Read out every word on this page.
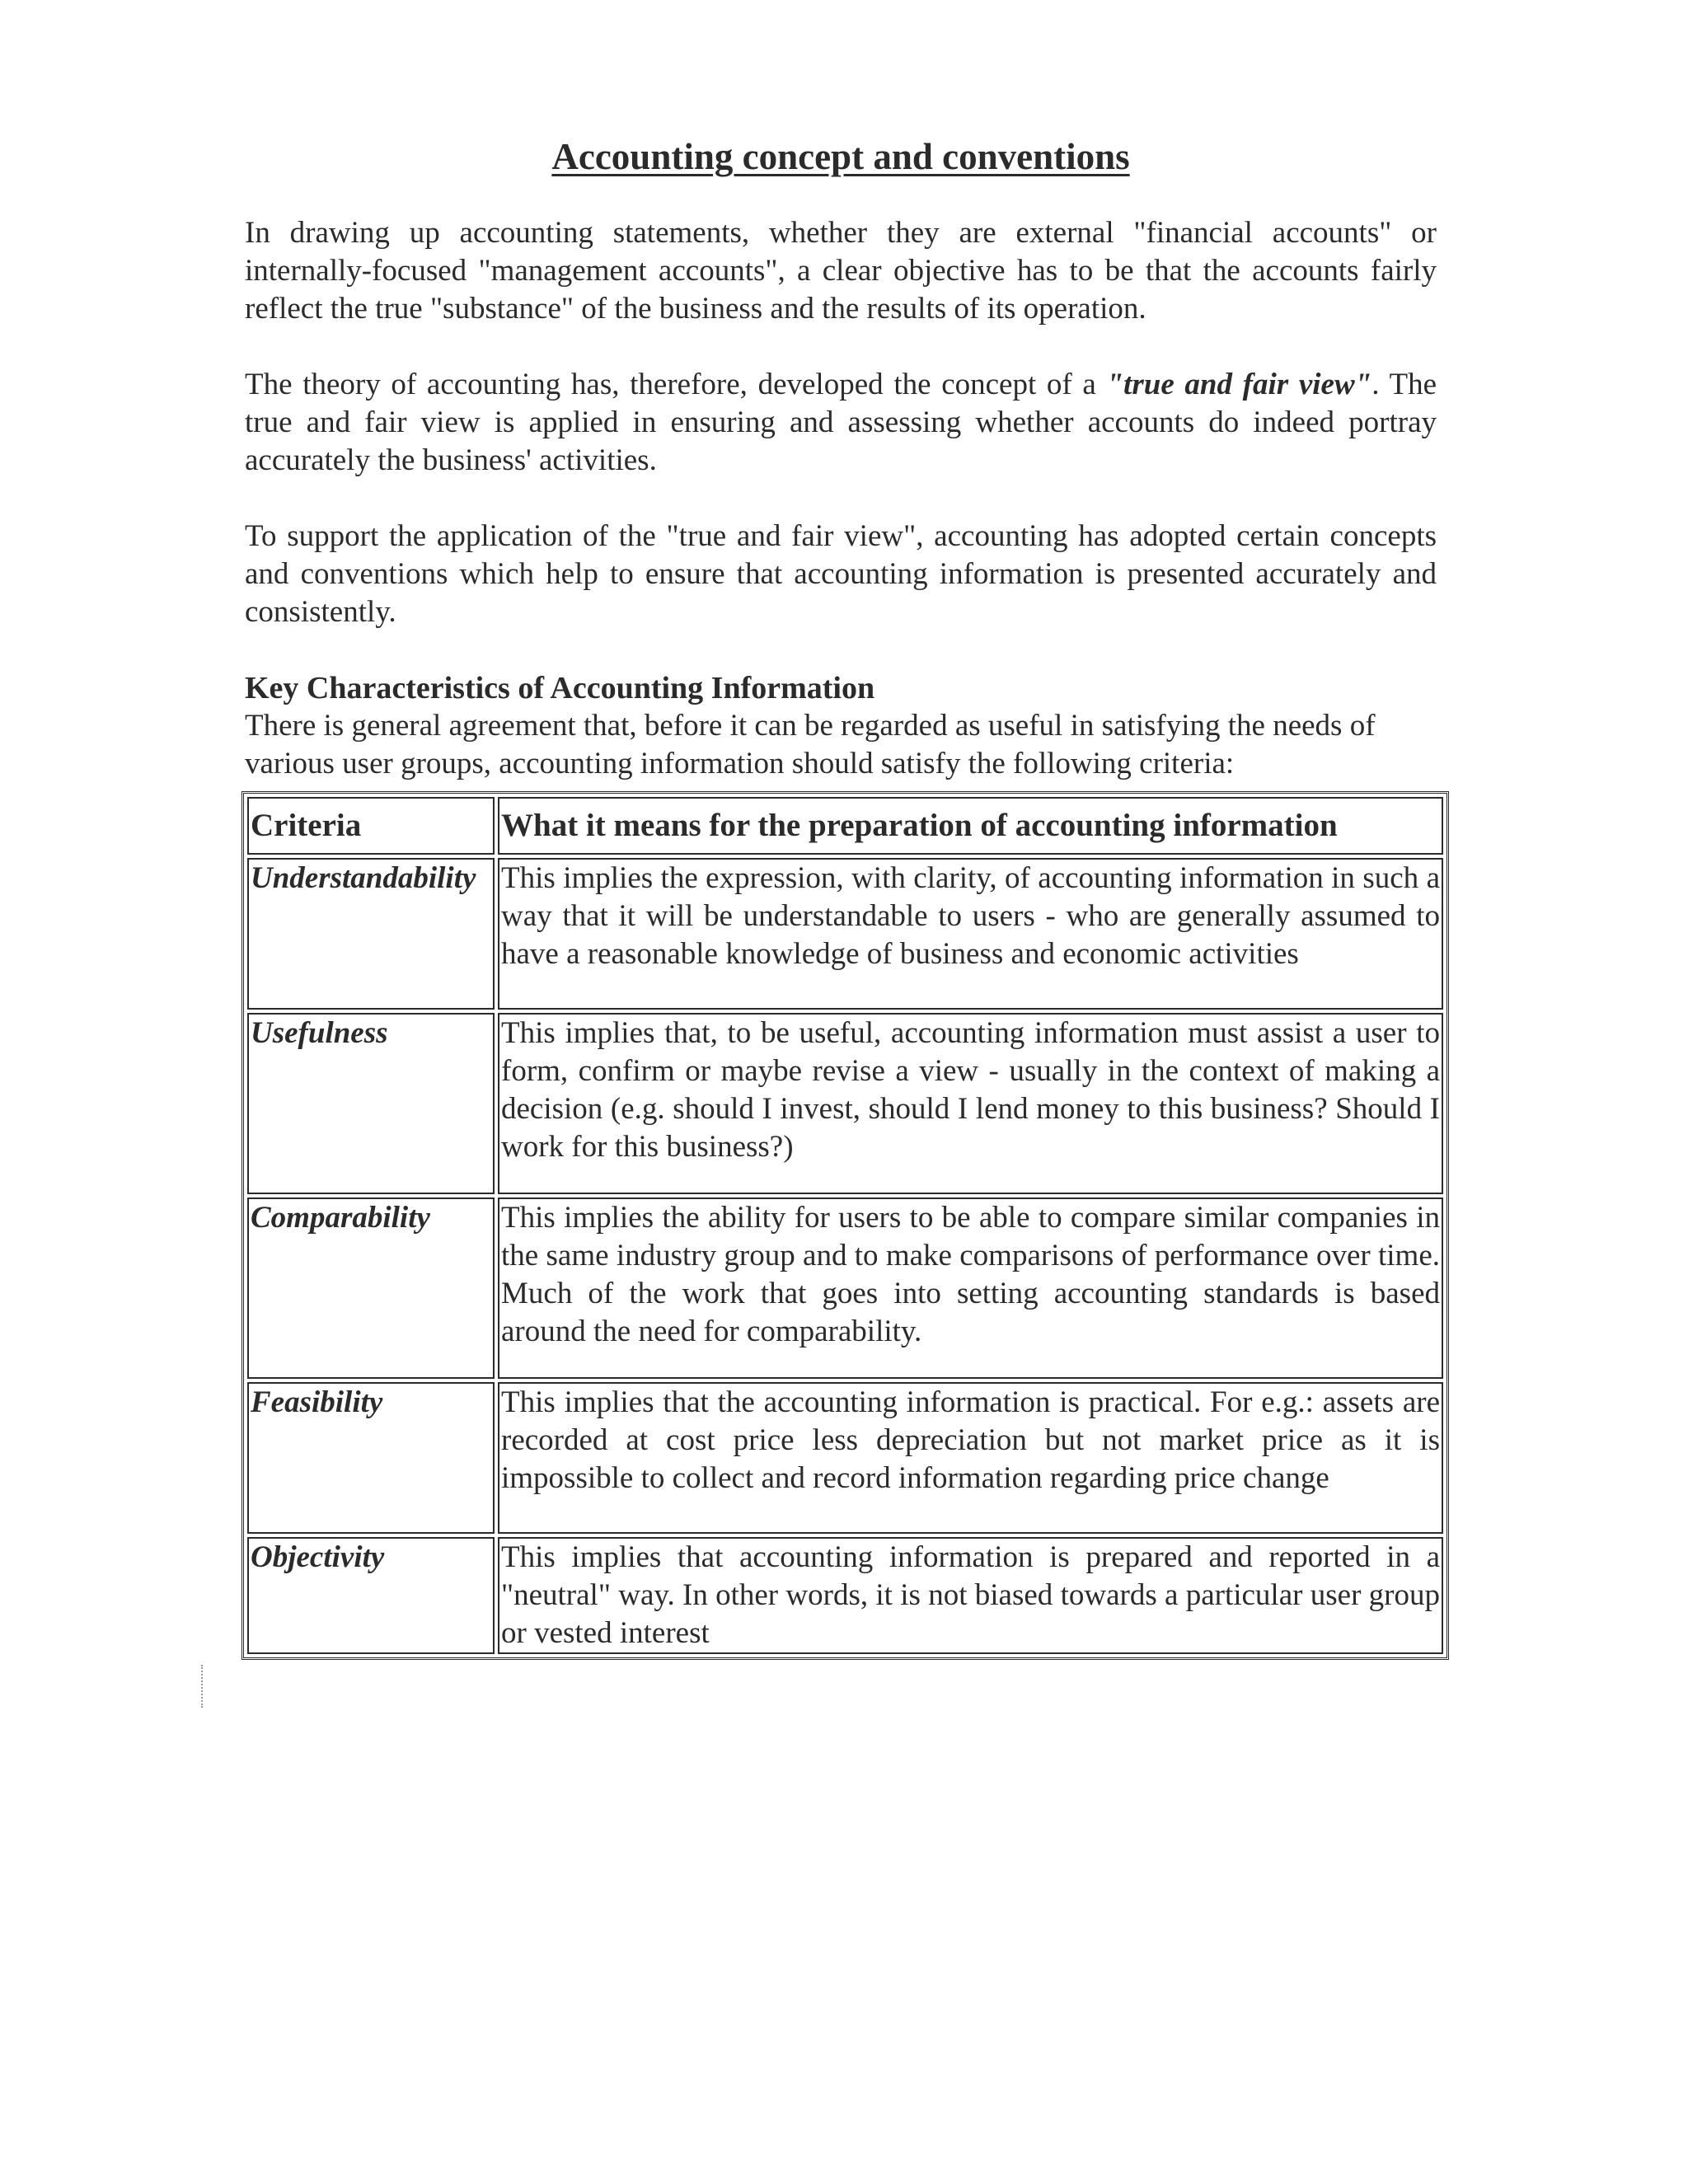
Accounting concept and conventions

In drawing up accounting statements, whether they are external "financial accounts" or internally-focused "management accounts", a clear objective has to be that the accounts fairly reflect the true "substance" of the business and the results of its operation.

The theory of accounting has, therefore, developed the concept of a "true and fair view". The true and fair view is applied in ensuring and assessing whether accounts do indeed portray accurately the business' activities.

To support the application of the "true and fair view", accounting has adopted certain concepts and conventions which help to ensure that accounting information is presented accurately and consistently.

Key Characteristics of Accounting Information

There is general agreement that, before it can be regarded as useful in satisfying the needs of various user groups, accounting information should satisfy the following criteria:

Criteria	What it means for the preparation of accounting information
Understandability	This implies the expression, with clarity, of accounting information in such a way that it will be understandable to users - who are generally assumed to have a reasonable knowledge of business and economic activities
Usefulness	This implies that, to be useful, accounting information must assist a user to form, confirm or maybe revise a view - usually in the context of making a decision (e.g. should I invest, should I lend money to this business? Should I work for this business?)
Comparability	This implies the ability for users to be able to compare similar companies in the same industry group and to make comparisons of performance over time. Much of the work that goes into setting accounting standards is based around the need for comparability.
Feasibility	This implies that the accounting information is practical. For e.g.: assets are recorded at cost price less depreciation but not market price as it is impossible to collect and record information regarding price change
Objectivity	This implies that accounting information is prepared and reported in a "neutral" way. In other words, it is not biased towards a particular user group or vested interest
